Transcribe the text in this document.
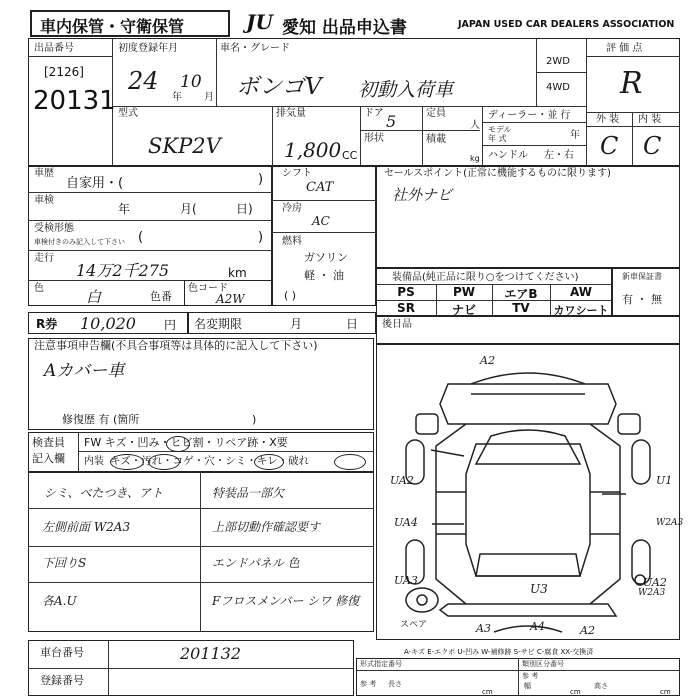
車内保管・守衛保管	JU 愛知 出品申込書	JAPAN USED CAR DEALERS ASSOCIATION
出品番号
[2126]
20131
初度登録年月
24
年
10
月
車名・グレード
ボンゴV 初動入荷車
2WD
4WD
評 価 点
R
外 装 内 装
C C
型式
SKP2V
排気量
1,800 CC
ドア 5
形状
定員
人
積載
kg
ディーラー・並 行
モデル
年 式	年
ハンドル 左・右
車歴
自家用・(	)
車検
年	月(	日)
受検形態
車検付きのみ記入して下さい (	)
走行
14万2千275	km
色	白	色番
シフト
CAT
冷房
AC
燃料
ガソリン
軽 ・ 油
( )
色コード
A2W
セールスポイント(正常に機能するものに限ります)
社外ナビ
装備品(純正品に限り○をつけてください)
PS	PW	エアB	AW
SR	ナビ	TV	カワシート
新車保証書
有 ・ 無
R券 10,020 円 名変期限	月	日 後日品
注意事項申告欄(不具合事項等は具体的に記入して下さい)
Aカバー車
修復歴 有 (箇所	)
検査員
記入欄
FW キズ・凹み・ヒビ割・リペア跡・X要
内装 キズ・汚れ・コゲ・穴・シミ・キレ・破れ
シミ、べたつき、アト	特装品一部欠
左側前面 W2A3	上部切動作確認要す
下回りS	エンドパネル 色
各A.U	Fフロスメンバー シワ 修復
A2
UA2	U1
UA4	W2A3
UA3
U3	UA2
W2A3
A3	A4	A2
スペア
A-キズ E-エクボ U-凹み W-補修跡 S-サビ C-腐食 XX-交換済
車台番号	201132
登録番号
形式指定番号	類別区分番号
参 考 長さ
cm
参 考
幅
cm
高さ
cm
